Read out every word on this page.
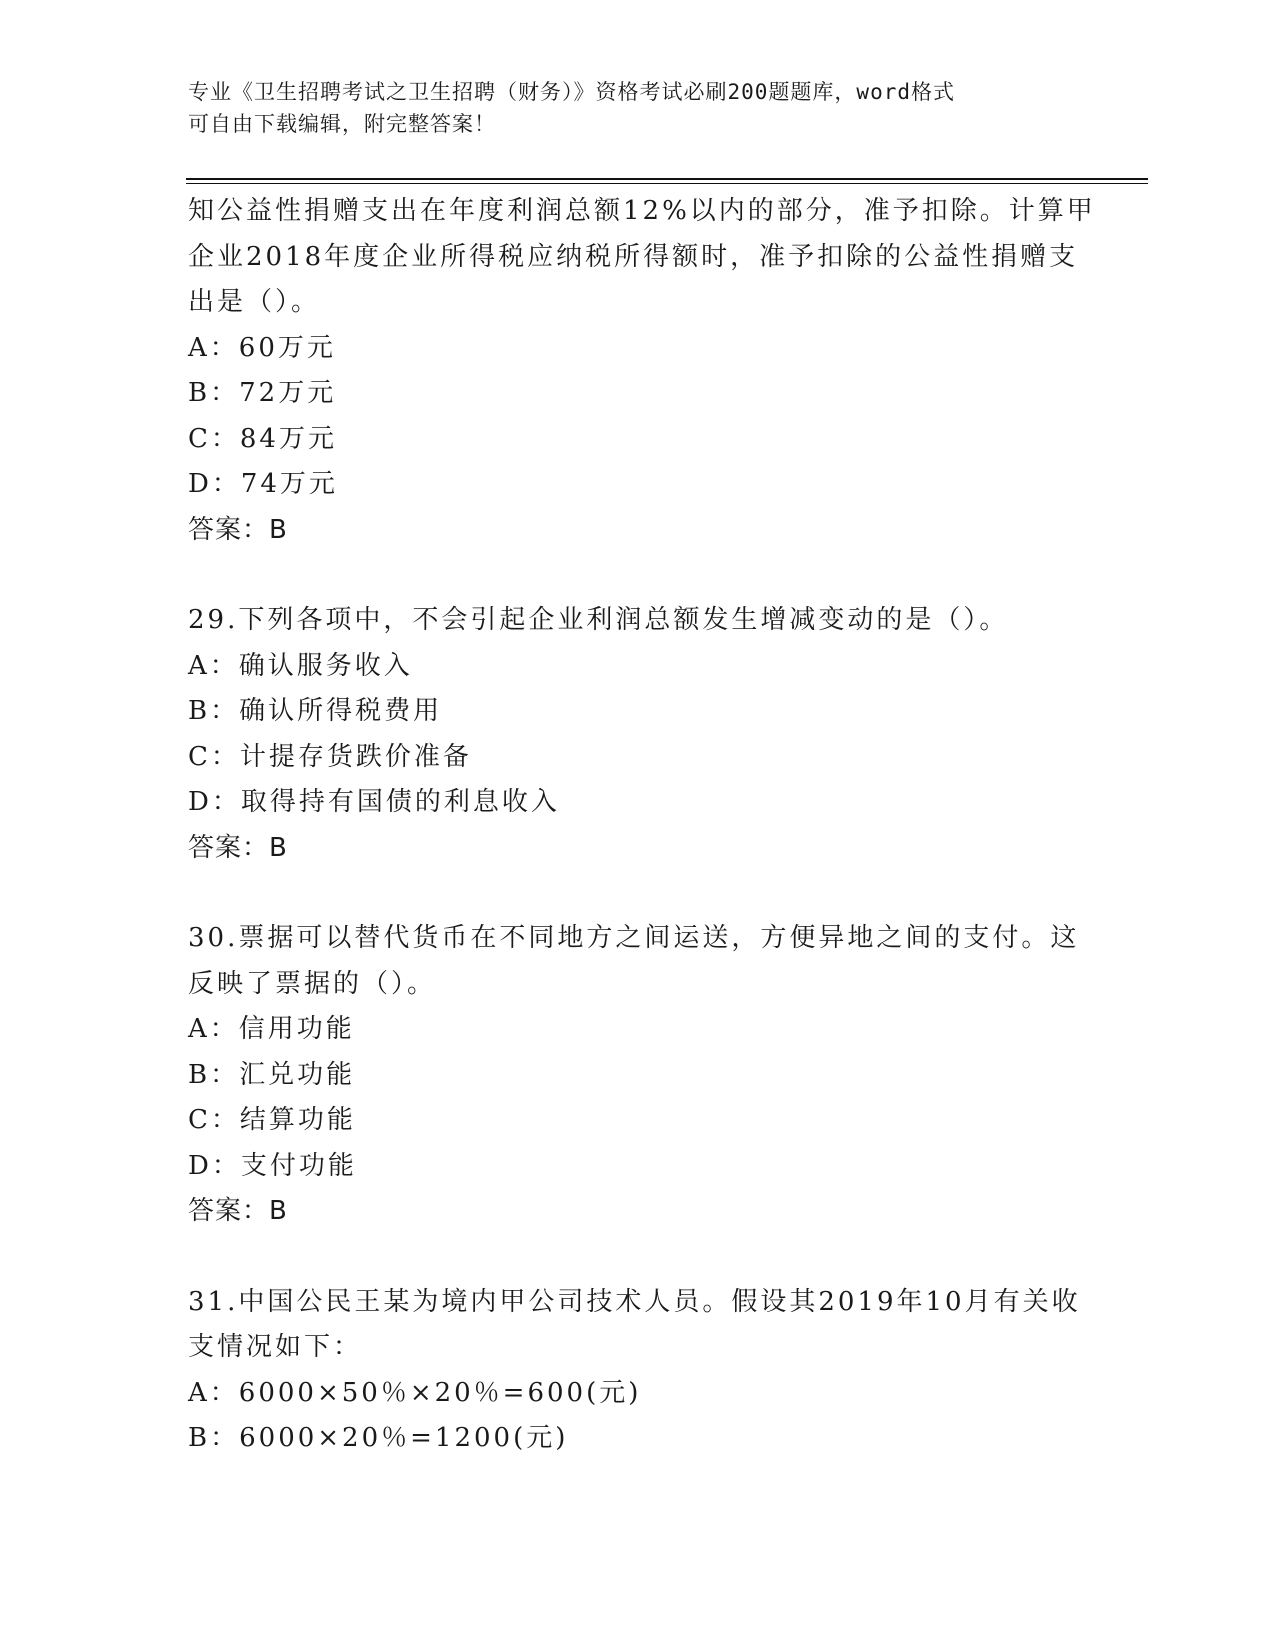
专业《卫生招聘考试之卫生招聘（财务）》资格考试必刷200题题库，word格式
可自由下载编辑，附完整答案！
知公益性捐赠支出在年度利润总额12%以内的部分，准予扣除。计算甲
企业2018年度企业所得税应纳税所得额时，准予扣除的公益性捐赠支
出是（）。
A：60万元
B：72万元
C：84万元
D：74万元
答案：B
29.下列各项中，不会引起企业利润总额发生增减变动的是（）。
A：确认服务收入
B：确认所得税费用
C：计提存货跌价准备
D：取得持有国债的利息收入
答案：B
30.票据可以替代货币在不同地方之间运送，方便异地之间的支付。这
反映了票据的（）。
A：信用功能
B：汇兑功能
C：结算功能
D：支付功能
答案：B
31.中国公民王某为境内甲公司技术人员。假设其2019年10月有关收
支情况如下：
A：6000×50％×20％=600(元)
B：6000×20％=1200(元)
